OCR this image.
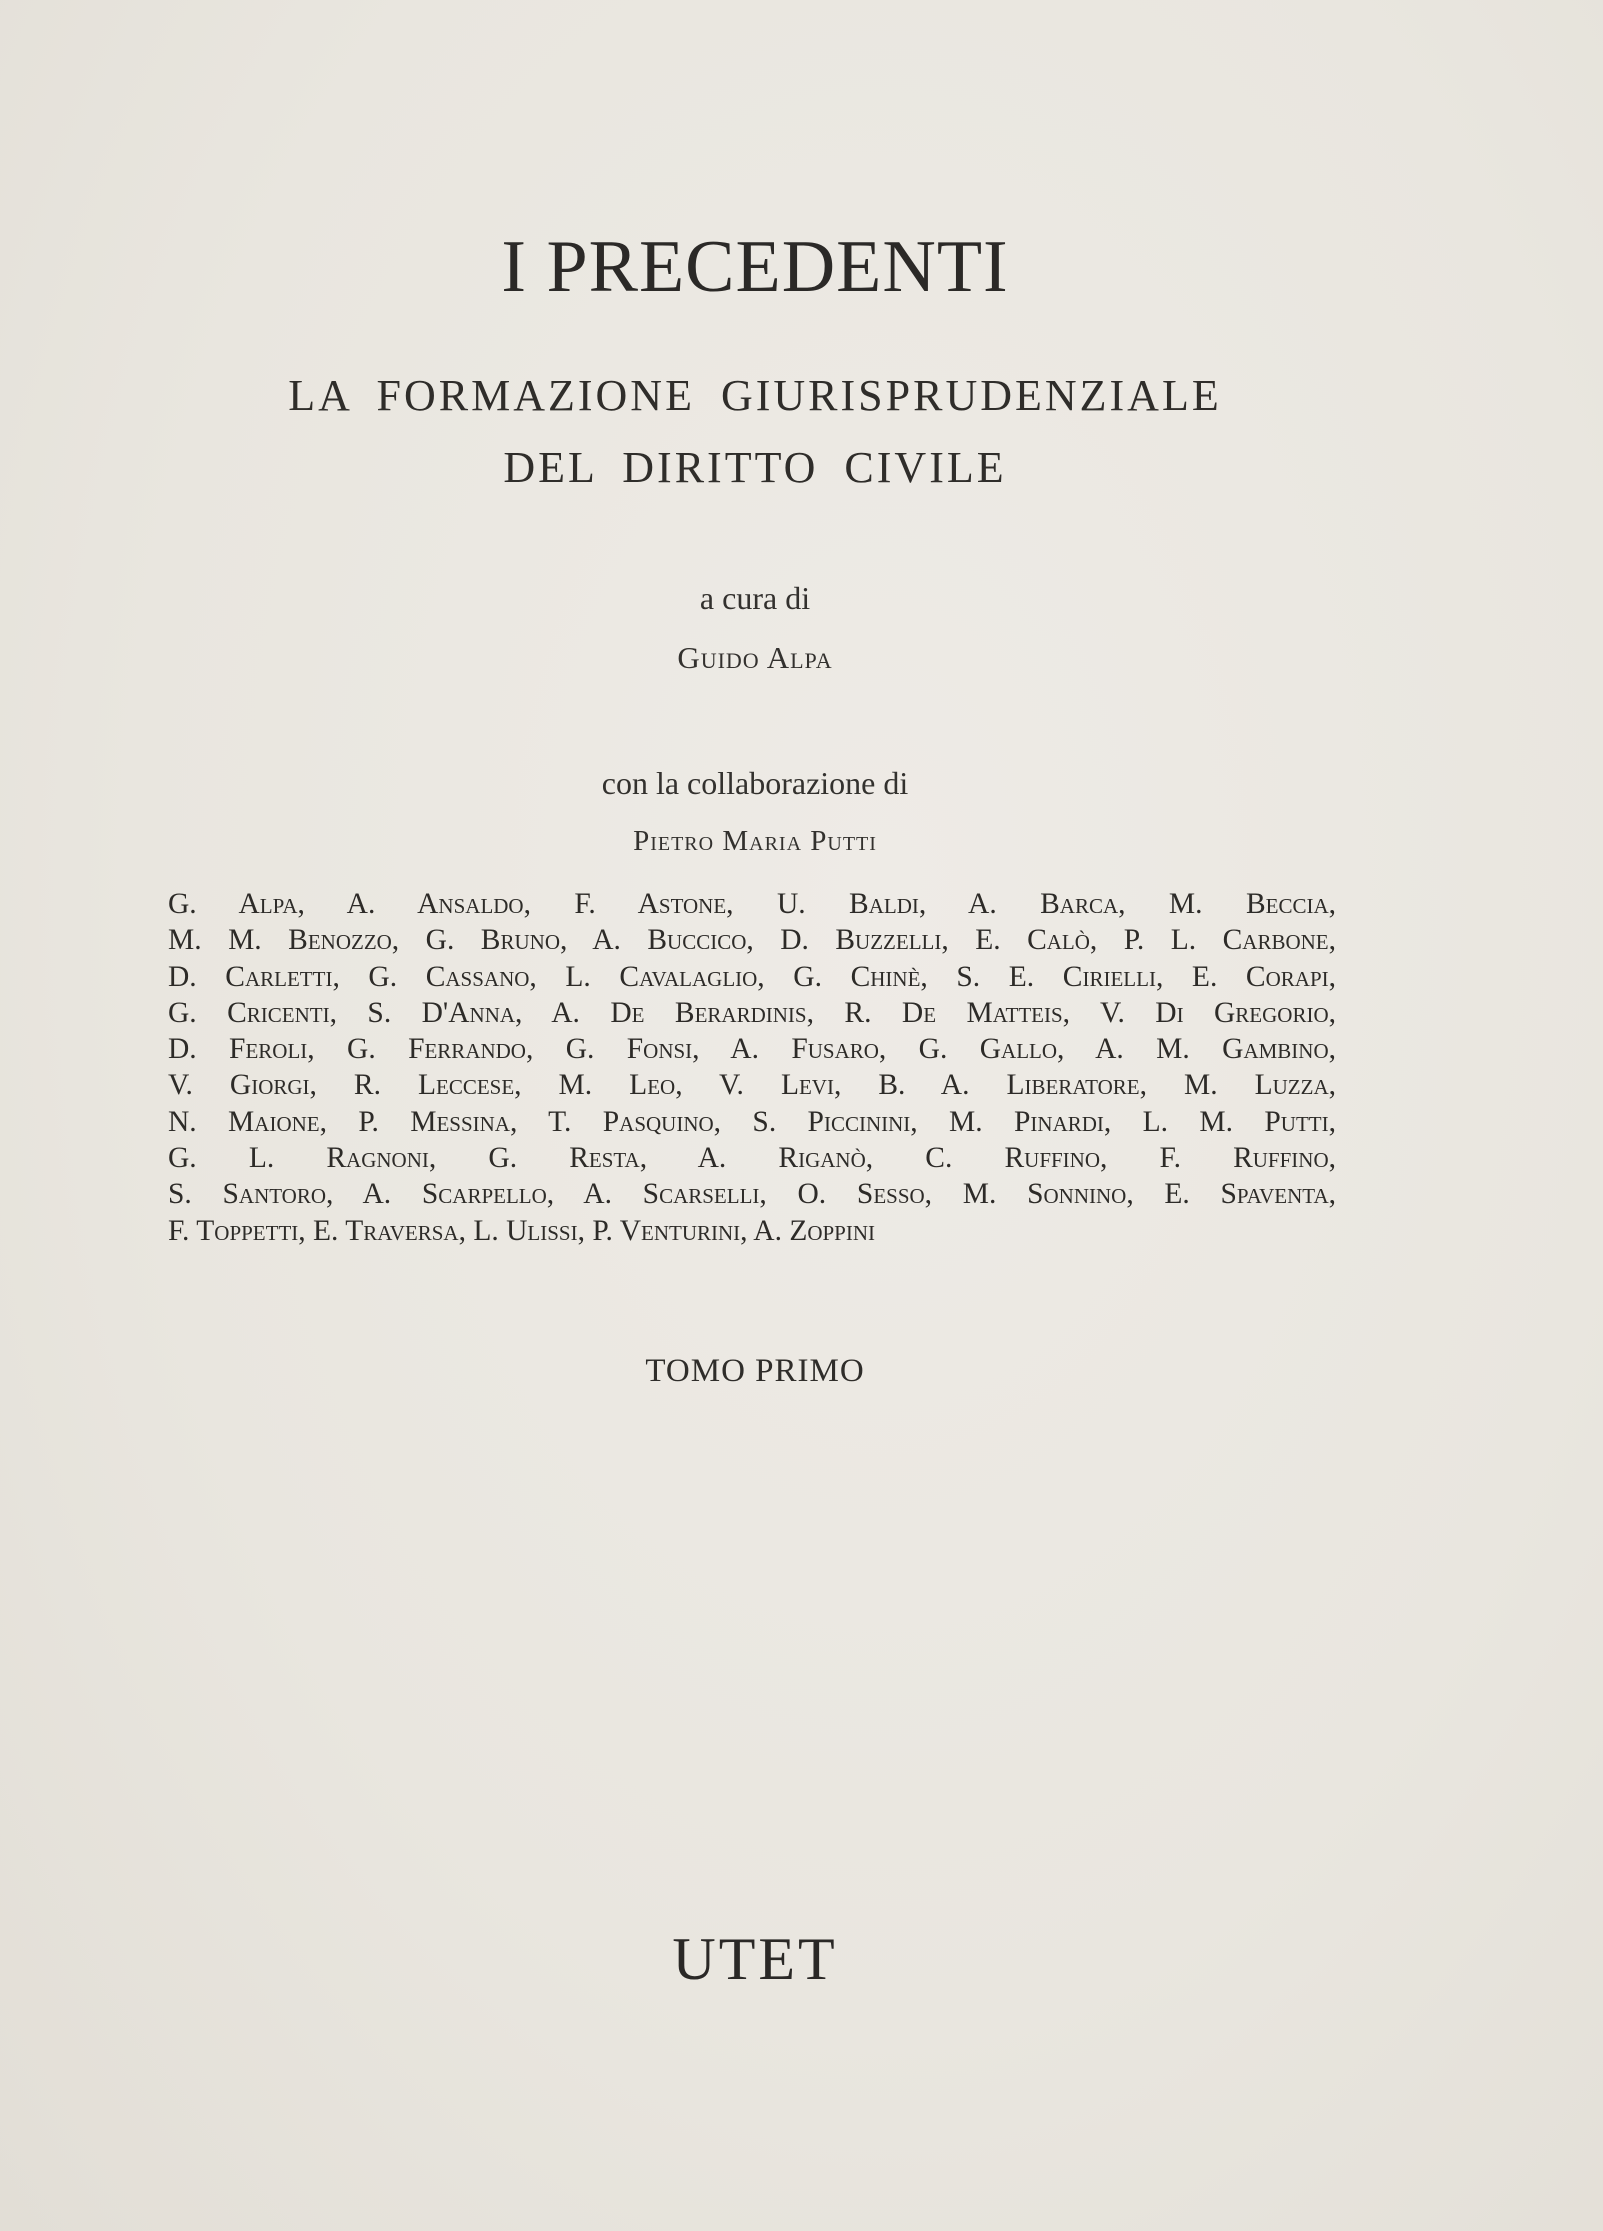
I PRECEDENTI
LA FORMAZIONE GIURISPRUDENZIALE
DEL DIRITTO CIVILE
a cura di
Guido Alpa
con la collaborazione di
Pietro Maria Putti
G. Alpa, A. Ansaldo, F. Astone, U. Baldi, A. Barca, M. Beccia,
M. M. Benozzo, G. Bruno, A. Buccico, D. Buzzelli, E. Calò, P. L. Carbone,
D. Carletti, G. Cassano, L. Cavalaglio, G. Chinè, S. E. Cirielli, E. Corapi,
G. Cricenti, S. D'Anna, A. De Berardinis, R. De Matteis, V. Di Gregorio,
D. Feroli, G. Ferrando, G. Fonsi, A. Fusaro, G. Gallo, A. M. Gambino,
V. Giorgi, R. Leccese, M. Leo, V. Levi, B. A. Liberatore, M. Luzza,
N. Maione, P. Messina, T. Pasquino, S. Piccinini, M. Pinardi, L. M. Putti,
G. L. Ragnoni, G. Resta, A. Riganò, C. Ruffino, F. Ruffino,
S. Santoro, A. Scarpello, A. Scarselli, O. Sesso, M. Sonnino, E. Spaventa,
F. Toppetti, E. Traversa, L. Ulissi, P. Venturini, A. Zoppini
TOMO PRIMO
UTET
